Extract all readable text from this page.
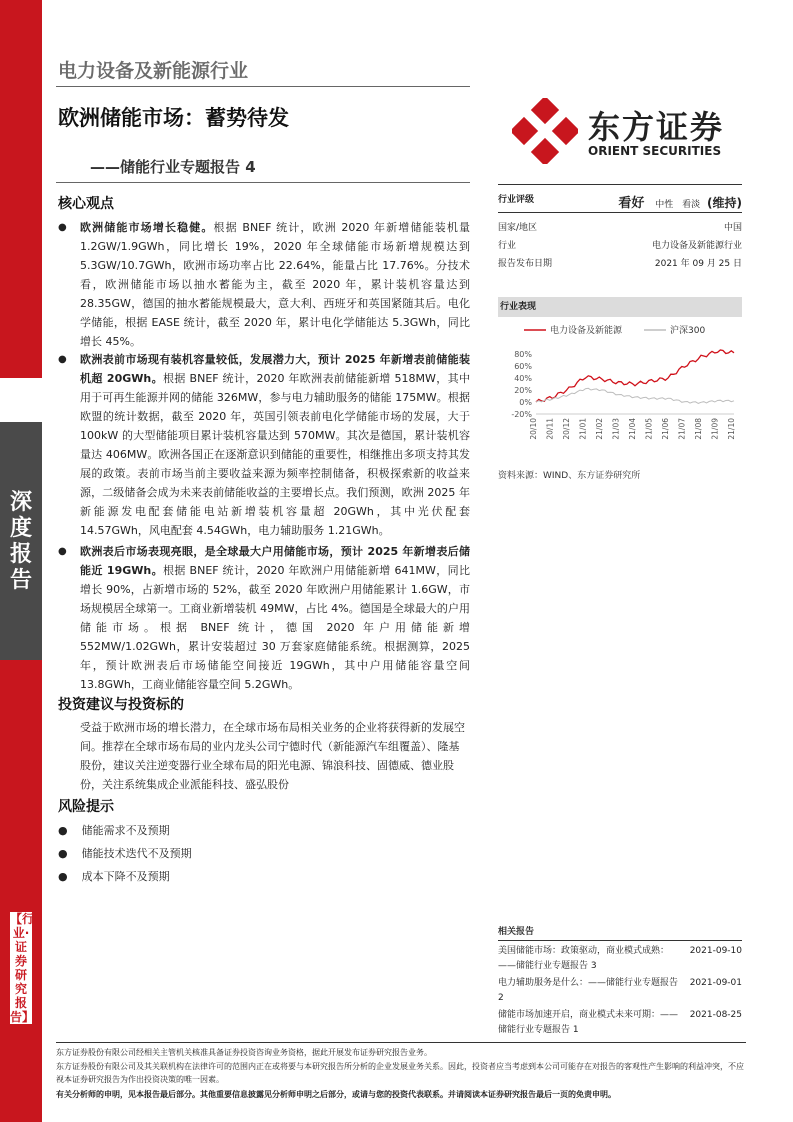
深度报告
【行业·证券研究报告】
电力设备及新能源行业
欧洲储能市场：蓄势待发
——储能行业专题报告 4
核心观点
● 欧洲储能市场增长稳健。根据 BNEF 统计，欧洲 2020 年新增储能装机量 1.2GW/1.9GWh，同比增长 19%，2020 年全球储能市场新增规模达到 5.3GW/10.7GWh，欧洲市场功率占比 22.64%，能量占比 17.76%。分技术看，欧洲储能市场以抽水蓄能为主，截至 2020 年，累计装机容量达到 28.35GW，德国的抽水蓄能规模最大，意大利、西班牙和英国紧随其后。电化学储能，根据 EASE 统计，截至 2020 年，累计电化学储能达 5.3GWh，同比增长 45%。
● 欧洲表前市场现有装机容量较低，发展潜力大，预计 2025 年新增表前储能装机超 20GWh。根据 BNEF 统计，2020 年欧洲表前储能新增 518MW，其中用于可再生能源并网的储能 326MW，参与电力辅助服务的储能 175MW。根据欧盟的统计数据，截至 2020 年，英国引领表前电化学储能市场的发展，大于 100kW 的大型储能项目累计装机容量达到 570MW。其次是德国，累计装机容量达 406MW。欧洲各国正在逐渐意识到储能的重要性，相继推出多项支持其发展的政策。表前市场当前主要收益来源为频率控制储备，积极探索新的收益来源，二级储备会成为未来表前储能收益的主要增长点。我们预测，欧洲 2025 年新能源发电配套储能电站新增装机容量超 20GWh，其中光伏配套 14.57GWh，风电配套 4.54GWh，电力辅助服务 1.21GWh。
● 欧洲表后市场表现亮眼，是全球最大户用储能市场，预计 2025 年新增表后储能近 19GWh。根据 BNEF 统计，2020 年欧洲户用储能新增 641MW，同比增长 90%，占新增市场的 52%，截至 2020 年欧洲户用储能累计 1.6GW，市场规模居全球第一。工商业新增装机 49MW，占比 4%。德国是全球最大的户用储能市场。根据 BNEF 统计，德国 2020 年户用储能新增 552MW/1.02GWh，累计安装超过 30 万套家庭储能系统。根据测算，2025 年，预计欧洲表后市场储能空间接近 19GWh，其中户用储能容量空间 13.8GWh，工商业储能容量空间 5.2GWh。
投资建议与投资标的
受益于欧洲市场的增长潜力，在全球市场布局相关业务的企业将获得新的发展空间。推荐在全球市场布局的业内龙头公司宁德时代（新能源汽车组覆盖）、隆基股份，建议关注逆变器行业全球布局的阳光电源、锦浪科技、固德威、德业股份，关注系统集成企业派能科技、盛弘股份
风险提示
● 储能需求不及预期
● 储能技术迭代不及预期
● 成本下降不及预期
东方证券
ORIENT SECURITIES
行业评级	看好 中性 看淡 (维持)
国家/地区	中国
行业	电力设备及新能源行业
报告发布日期	2021 年 09 月 25 日
行业表现
电力设备及新能源	沪深300
80%
60%
40%
20%
0%
-20%
20/10 20/11 20/12 21/01 21/02 21/03 21/04 21/05 21/06 21/07 21/08 21/09 21/10
资料来源：WIND、东方证券研究所
相关报告
美国储能市场：政策驱动，商业模式成熟：——储能行业专题报告 3
2021-09-10
电力辅助服务是什么：——储能行业专题报告 2
2021-09-01
储能市场加速开启，商业模式未来可期：——储能行业专题报告 1
2021-08-25
东方证券股份有限公司经相关主管机关核准具备证券投资咨询业务资格，据此开展发布证券研究报告业务。
东方证券股份有限公司及其关联机构在法律许可的范围内正在或将要与本研究报告所分析的企业发展业务关系。因此，投资者应当考虑到本公司可能存在对报告的客观性产生影响的利益冲突，不应视本证券研究报告为作出投资决策的唯一因素。
有关分析师的申明，见本报告最后部分。其他重要信息披露见分析师申明之后部分，或请与您的投资代表联系。并请阅读本证券研究报告最后一页的免责申明。
